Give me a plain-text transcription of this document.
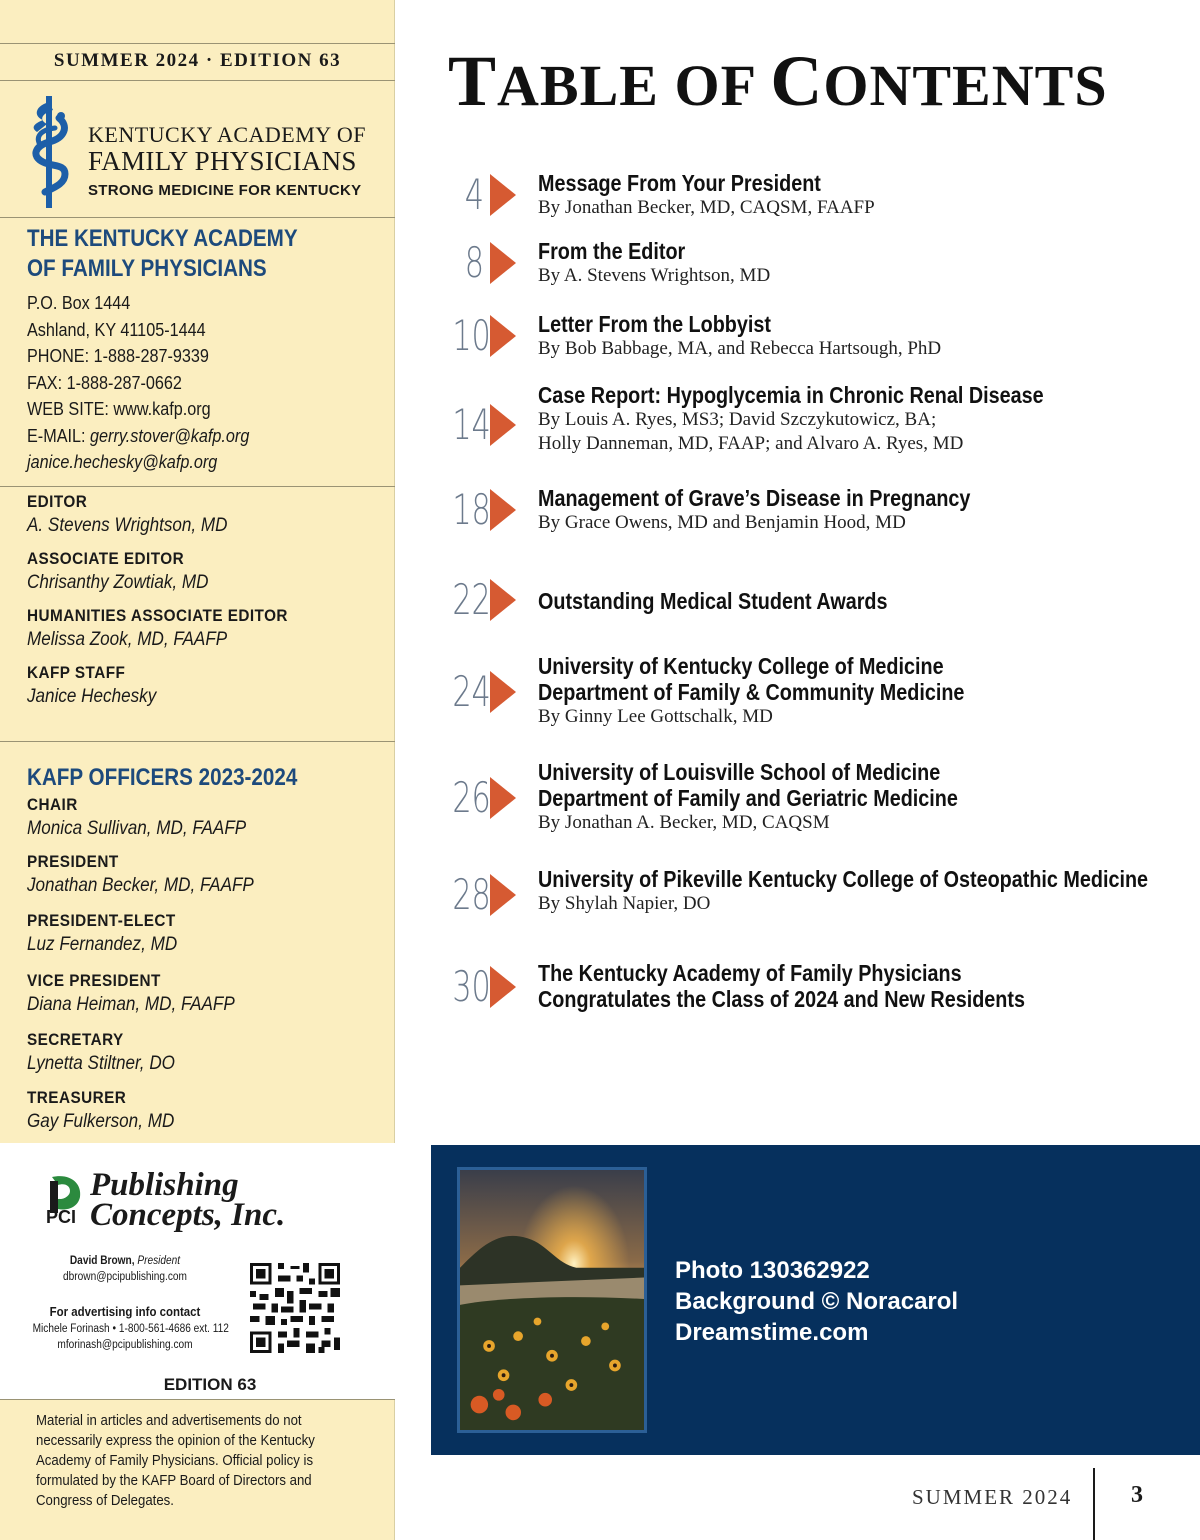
SUMMER 2024 · EDITION 63
KENTUCKY ACADEMY OF
FAMILY PHYSICIANS
STRONG MEDICINE FOR KENTUCKY
THE KENTUCKY ACADEMY
OF FAMILY PHYSICIANS
P.O. Box 1444
Ashland, KY 41105-1444
PHONE: 1-888-287-9339
FAX: 1-888-287-0662
WEB SITE: www.kafp.org
E-MAIL: gerry.stover@kafp.org
janice.hechesky@kafp.org
EDITOR
A. Stevens Wrightson, MD
ASSOCIATE EDITOR
Chrisanthy Zowtiak, MD
HUMANITIES ASSOCIATE EDITOR
Melissa Zook, MD, FAAFP
KAFP STAFF
Janice Hechesky
KAFP OFFICERS 2023-2024
CHAIR
Monica Sullivan, MD, FAAFP
PRESIDENT
Jonathan Becker, MD, FAAFP
PRESIDENT-ELECT
Luz Fernandez, MD
VICE PRESIDENT
Diana Heiman, MD, FAAFP
SECRETARY
Lynetta Stiltner, DO
TREASURER
Gay Fulkerson, MD
PCI
Publishing
Concepts, Inc.
David Brown, President
dbrown@pcipublishing.com
For advertising info contact
Michele Forinash • 1-800-561-4686 ext. 112
mforinash@pcipublishing.com
EDITION 63
Material in articles and advertisements do not necessarily express the opinion of the Kentucky Academy of Family Physicians. Official policy is formulated by the KAFP Board of Directors and Congress of Delegates.
TABLE OF CONTENTS
4 Message From Your President
By Jonathan Becker, MD, CAQSM, FAAFP
8 From the Editor
By A. Stevens Wrightson, MD
10 Letter From the Lobbyist
By Bob Babbage, MA, and Rebecca Hartsough, PhD
14
Case Report: Hypoglycemia in Chronic Renal Disease
By Louis A. Ryes, MS3; David Szczykutowicz, BA;
Holly Danneman, MD, FAAP; and Alvaro A. Ryes, MD
18 Management of Grave’s Disease in Pregnancy
By Grace Owens, MD and Benjamin Hood, MD
22 Outstanding Medical Student Awards
24
University of Kentucky College of Medicine
Department of Family & Community Medicine
By Ginny Lee Gottschalk, MD
26
University of Louisville School of Medicine
Department of Family and Geriatric Medicine
By Jonathan A. Becker, MD, CAQSM
28 University of Pikeville Kentucky College of Osteopathic Medicine
By Shylah Napier, DO
30 The Kentucky Academy of Family Physicians
Congratulates the Class of 2024 and New Residents
Photo 130362922
Background © Noracarol
Dreamstime.com
SUMMER 2024 3
